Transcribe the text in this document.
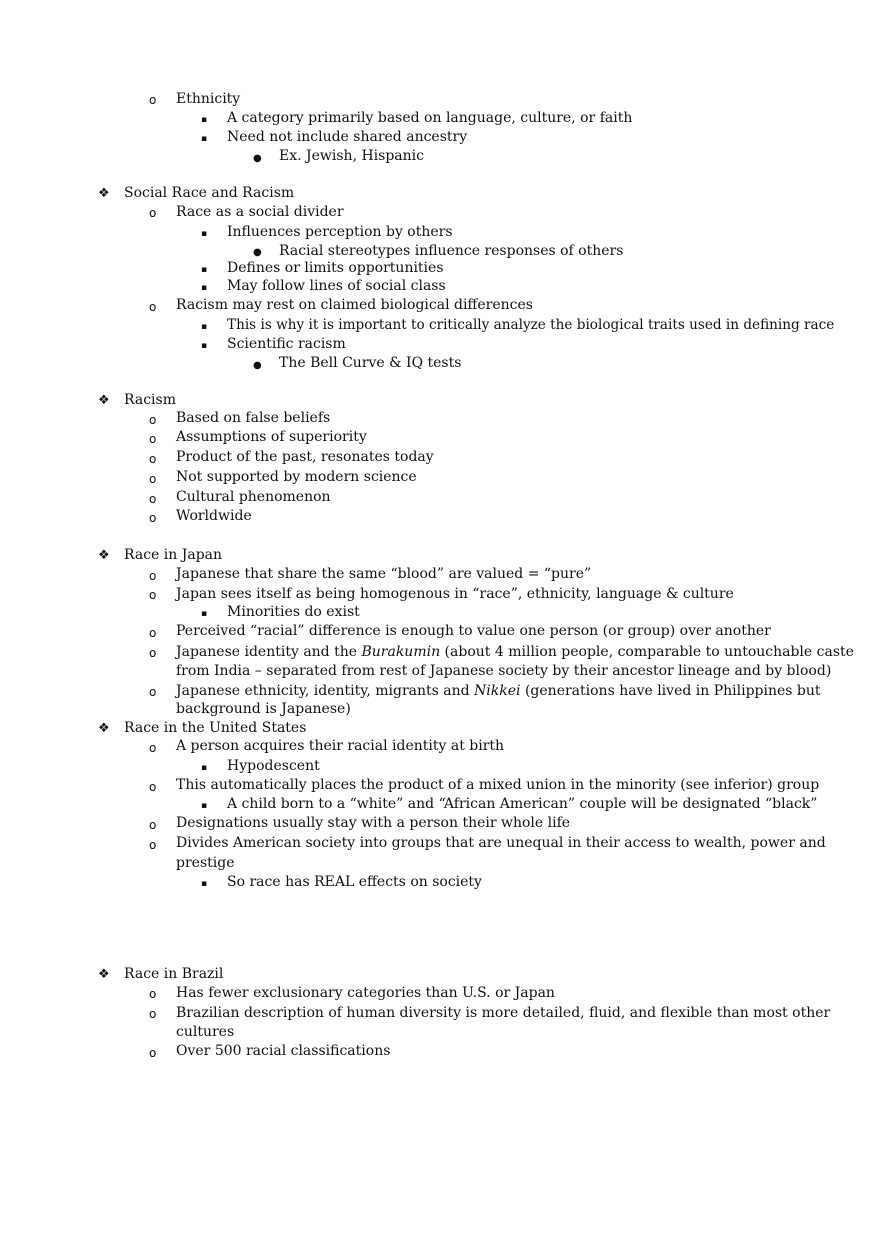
o Ethnicity
▪ A category primarily based on language, culture, or faith
▪ Need not include shared ancestry
● Ex. Jewish, Hispanic
❖ Social Race and Racism
o Race as a social divider
▪ Influences perception by others
● Racial stereotypes influence responses of others
▪ Defines or limits opportunities
▪ May follow lines of social class
o Racism may rest on claimed biological differences
▪ This is why it is important to critically analyze the biological traits used in defining race
▪ Scientific racism
● The Bell Curve & IQ tests
❖ Racism
o Based on false beliefs
o Assumptions of superiority
o Product of the past, resonates today
o Not supported by modern science
o Cultural phenomenon
o Worldwide
❖ Race in Japan
o Japanese that share the same “blood” are valued = “pure”
o Japan sees itself as being homogenous in “race”, ethnicity, language & culture
▪ Minorities do exist
o Perceived “racial” difference is enough to value one person (or group) over another
o Japanese identity and the Burakumin (about 4 million people, comparable to untouchable caste
from India – separated from rest of Japanese society by their ancestor lineage and by blood)
o Japanese ethnicity, identity, migrants and Nikkei (generations have lived in Philippines but
background is Japanese)
❖ Race in the United States
o A person acquires their racial identity at birth
▪ Hypodescent
o This automatically places the product of a mixed union in the minority (see inferior) group
▪ A child born to a “white” and “African American” couple will be designated “black”
o Designations usually stay with a person their whole life
o Divides American society into groups that are unequal in their access to wealth, power and
prestige
▪ So race has REAL effects on society
❖ Race in Brazil
o Has fewer exclusionary categories than U.S. or Japan
o Brazilian description of human diversity is more detailed, fluid, and flexible than most other
cultures
o Over 500 racial classifications
